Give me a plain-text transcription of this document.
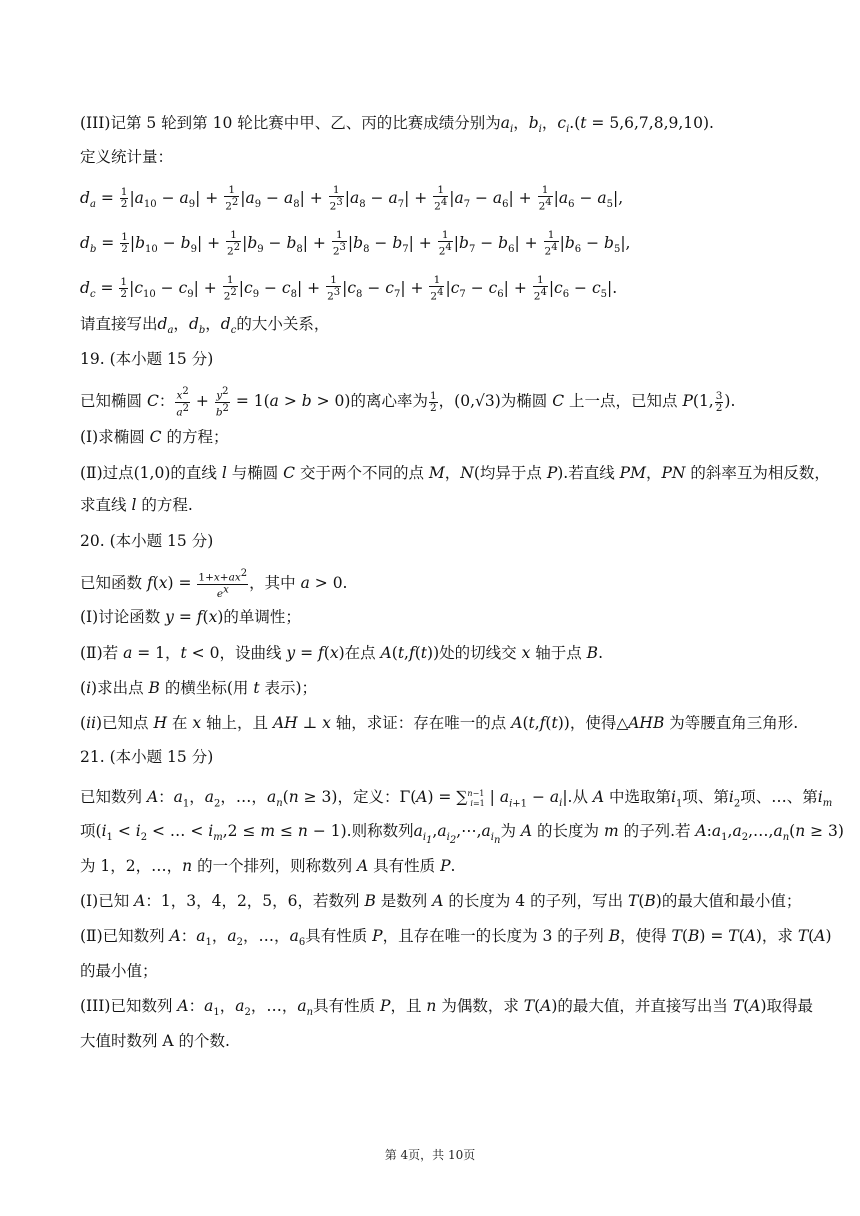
(III)记第 5 轮到第 10 轮比赛中甲、乙、丙的比赛成绩分别为$a_i$，$b_i$，$c_i.(t = 5,6,7,8,9,10)$.
定义统计量：
$d_a = \frac{1}{2} |a_{10} - a_9| + \frac{1}{2^2} |a_9 - a_8| + \frac{1}{2^3} |a_8 - a_7| + \frac{1}{2^4} |a_7 - a_6| + \frac{1}{2^4} |a_6 - a_5|$,
$d_b = \frac{1}{2} |b_{10} - b_9| + \frac{1}{2^2} |b_9 - b_8| + \frac{1}{2^3} |b_8 - b_7| + \frac{1}{2^4} |b_7 - b_6| + \frac{1}{2^4} |b_6 - b_5|$,
$d_c = \frac{1}{2} |c_{10} - c_9| + \frac{1}{2^2} |c_9 - c_8| + \frac{1}{2^3} |c_8 - c_7| + \frac{1}{2^4} |c_7 - c_6| + \frac{1}{2^4} |c_6 - c_5|$.
请直接写出$d_a$，$d_b$，$d_c$的大小关系，
19. (本小题 15 分)
已知椭圆 C： $\frac{x^2}{a^2} + \frac{y^2}{b^2} = 1(a > b > 0)$的离心率为 $\frac{1}{2}$ ，(0,√3)为椭圆 C 上一点，已知点 P(1, $\frac{3}{2}$ ).
(Ⅰ)求椭圆 C 的方程；
(Ⅱ)过点(1,0)的直线 l 与椭圆 C 交于两个不同的点 M，N(均异于点 P).若直线 PM，PN 的斜率互为相反数，
求直线 l 的方程.
20. (本小题 15 分)
已知函数 $f(x) = \frac{1+x+ax^2}{e^x}$ ，其中 a > 0.
(Ⅰ)讨论函数 y = f(x)的单调性；
(Ⅱ)若 a = 1，t < 0，设曲线 y = f(x)在点 A(t,f(t))处的切线交 x 轴于点 B.
(i)求出点 B 的横坐标(用 t 表示)；
(ii)已知点 H 在 x 轴上，且 AH ⊥ x 轴，求证：存在唯一的点 A(t,f(t))，使得△AHB 为等腰直角三角形.
21. (本小题 15 分)
已知数列 A：$a_1$，$a_2$，…，$a_n(n \ge 3)$，定义：Γ(A) = ∑$^{n-1}_{i=1}$ | $a_{i+1} - a_i|$.从 A 中选取第$i_1$项、第$i_2$项、…、第$i_m$
项($i_1 < i_2$ < … < $i_m,2 \le m \le n - 1$).则称数列$a_{i_1},a_{i_2},\cdots,a_{i_n}$为 A 的长度为 m 的子列.若 $A:a_1,a_2,\dots,a_n(n \ge 3)$
为 1，2，…，n 的一个排列，则称数列 A 具有性质 P.
(Ⅰ)已知 A：1，3，4，2，5，6，若数列 B 是数列 A 的长度为 4 的子列，写出 T(B)的最大值和最小值；
(Ⅱ)已知数列 A：$a_1$，$a_2$，…，$a_6$具有性质 P，且存在唯一的长度为 3 的子列 B，使得 T(B) = T(A)，求 T(A)
的最小值；
(III)已知数列 A：$a_1$，$a_2$，…，$a_n$具有性质 P，且 n 为偶数，求 T(A)的最大值，并直接写出当 T(A)取得最
大值时数列 A 的个数.
第 4页，共 10页
